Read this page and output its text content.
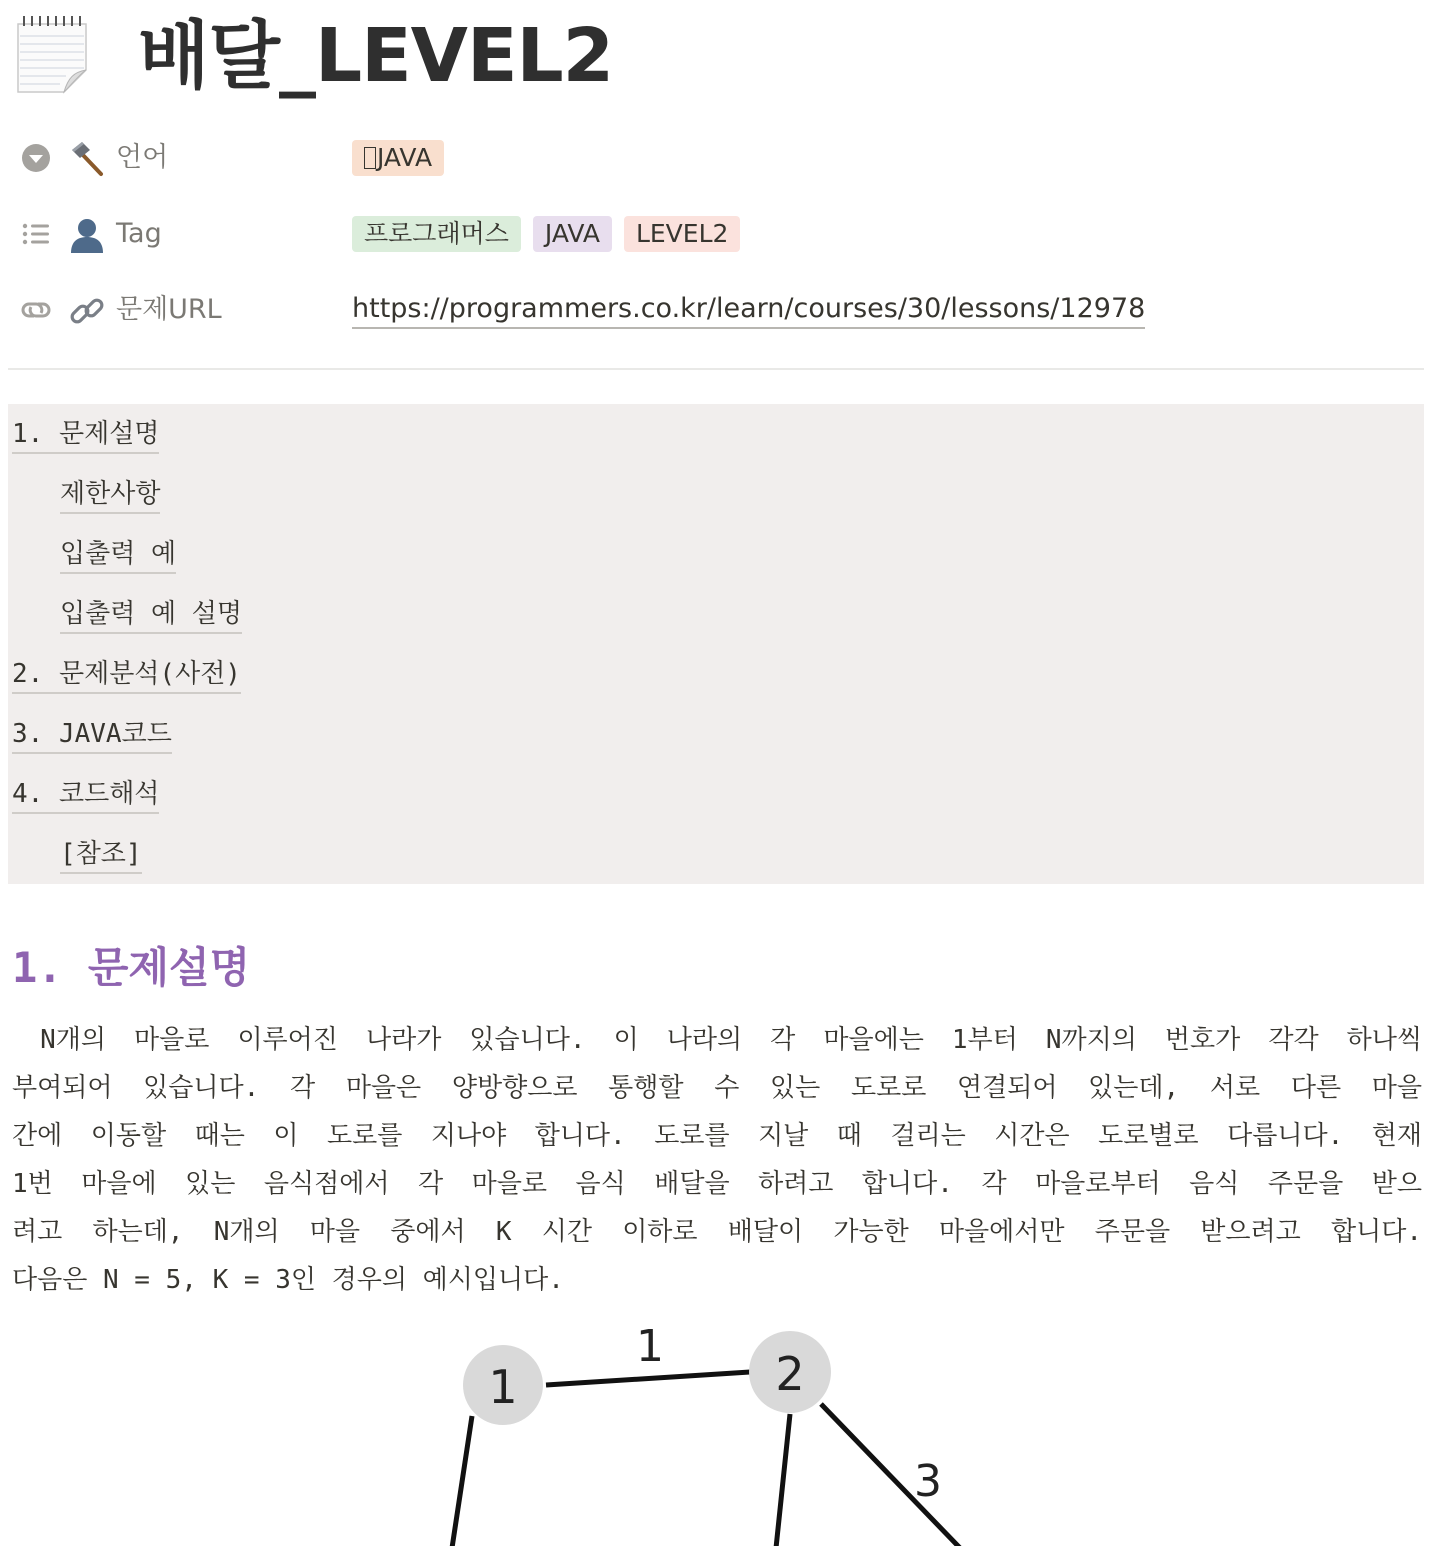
배달_LEVEL2
언어	JAVA
Tag	프로그래머스	JAVA	LEVEL2
문제URL	https://programmers.co.kr/learn/courses/30/lessons/12978
1. 문제설명
제한사항
입출력 예
입출력 예 설명
2. 문제분석(사전)
3. JAVA코드
4. 코드해석
[참조]
1. 문제설명
N개의 마을로 이루어진 나라가 있습니다. 이 나라의 각 마을에는 1부터 N까지의 번호가 각각 하나씩
부여되어 있습니다. 각 마을은 양방향으로 통행할 수 있는 도로로 연결되어 있는데, 서로 다른 마을
간에 이동할 때는 이 도로를 지나야 합니다. 도로를 지날 때 걸리는 시간은 도로별로 다릅니다. 현재
1번 마을에 있는 음식점에서 각 마을로 음식 배달을 하려고 합니다. 각 마을로부터 음식 주문을 받으
려고 하는데, N개의 마을 중에서 K 시간 이하로 배달이 가능한 마을에서만 주문을 받으려고 합니다.
다음은 N = 5, K = 3인 경우의 예시입니다.
1	2
1
3
